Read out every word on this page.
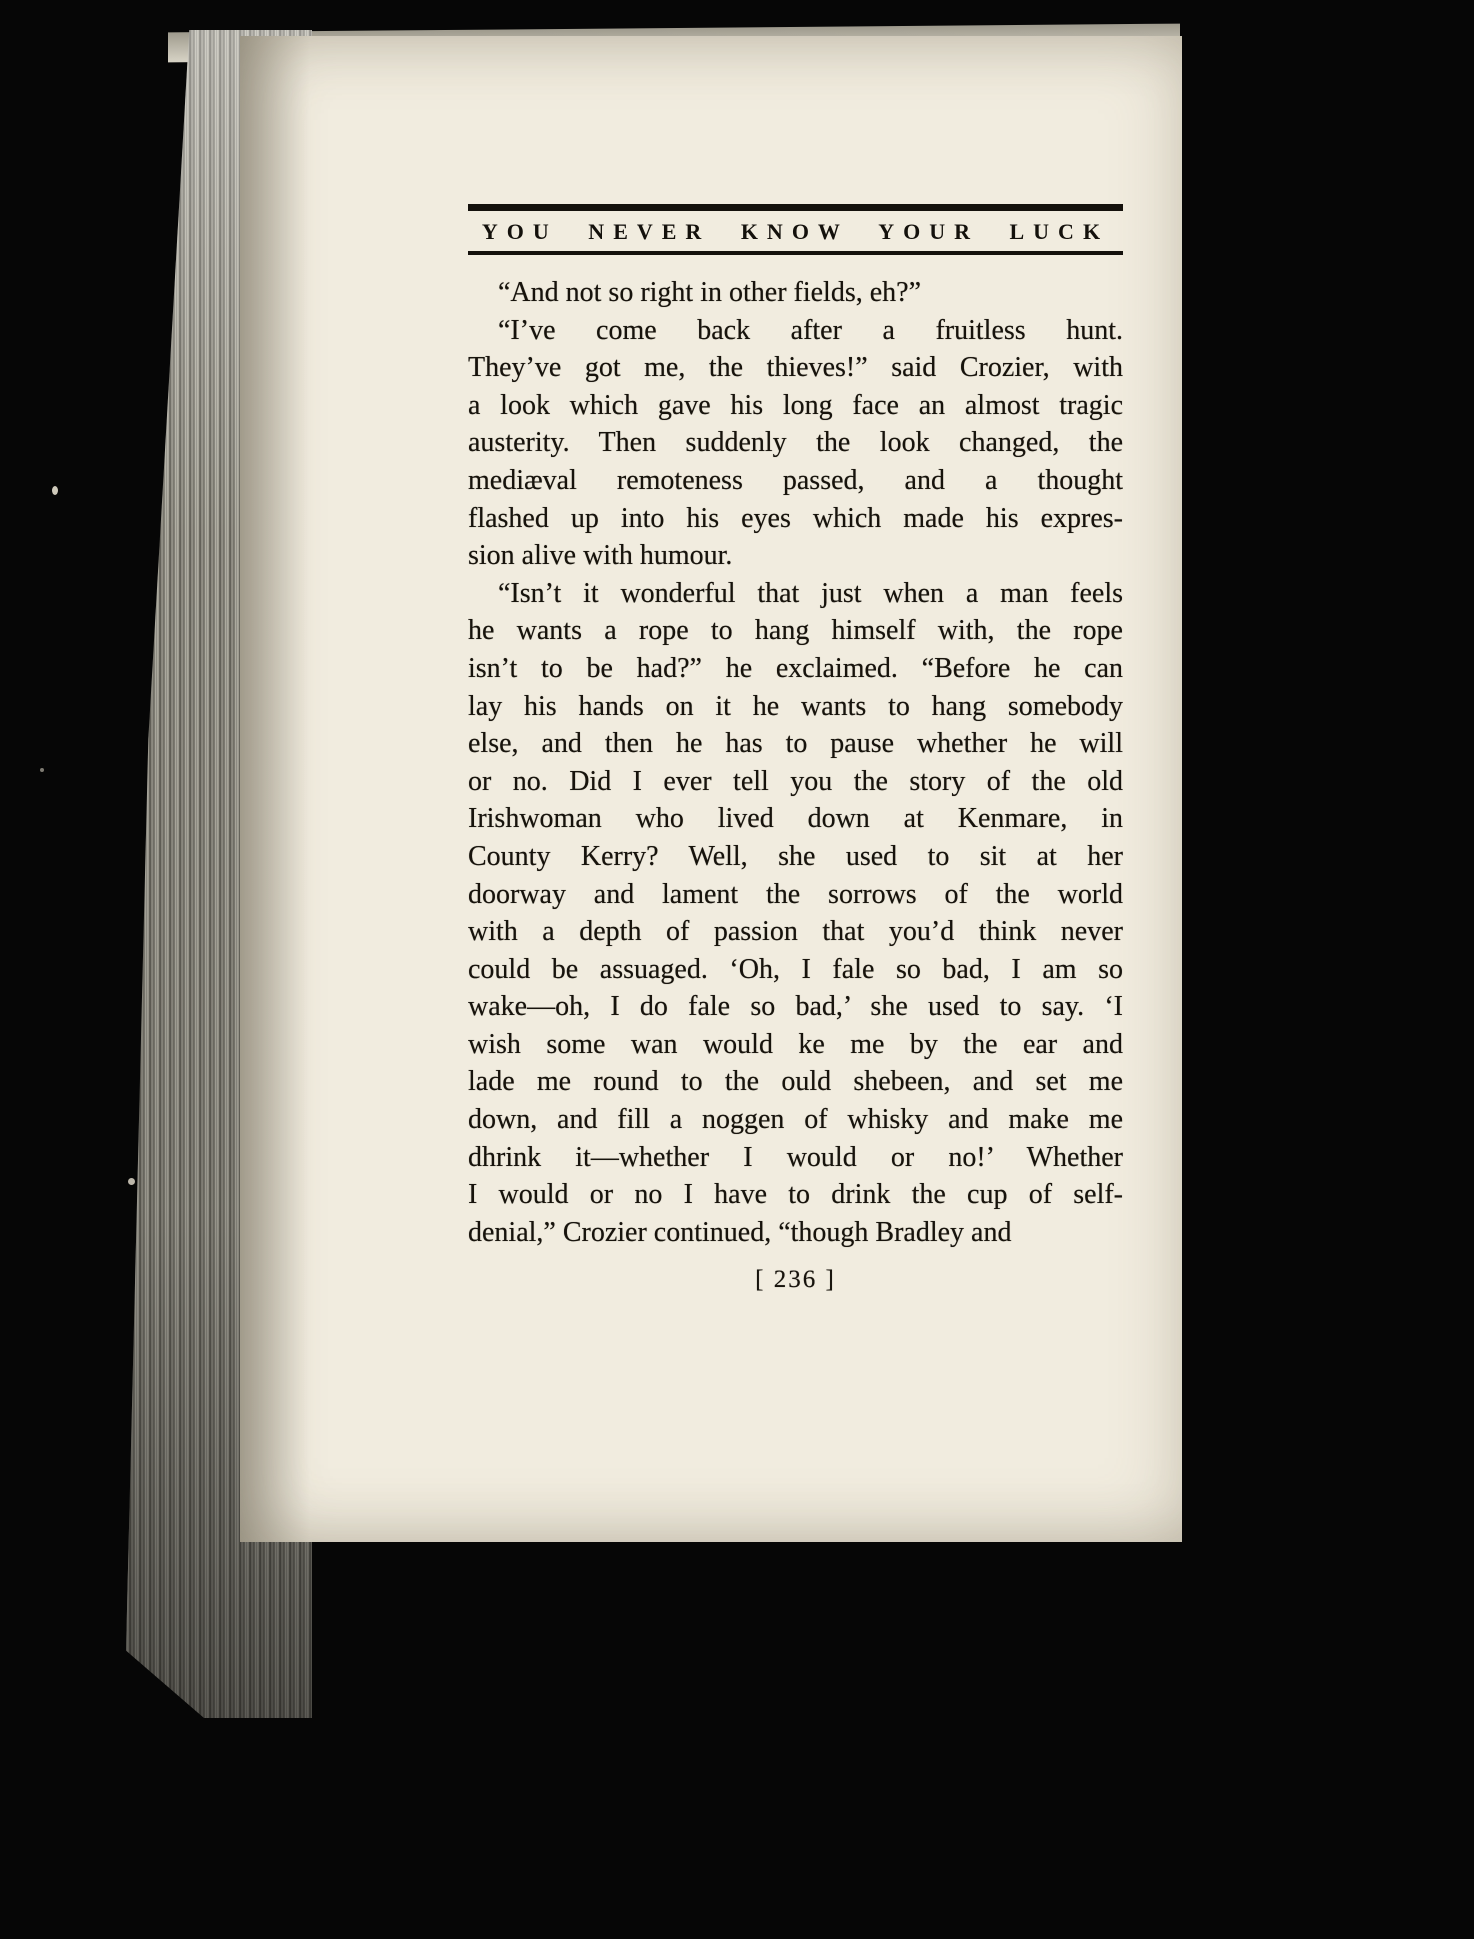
YOU NEVER KNOW YOUR LUCK
“And not so right in other fields, eh?”
“I’ve come back after a fruitless hunt.
They’ve got me, the thieves!” said Crozier, with
a look which gave his long face an almost tragic
austerity. Then suddenly the look changed, the
mediæval remoteness passed, and a thought
flashed up into his eyes which made his expres-
sion alive with humour.
“Isn’t it wonderful that just when a man feels
he wants a rope to hang himself with, the rope
isn’t to be had?” he exclaimed. “Before he can
lay his hands on it he wants to hang somebody
else, and then he has to pause whether he will
or no. Did I ever tell you the story of the old
Irishwoman who lived down at Kenmare, in
County Kerry? Well, she used to sit at her
doorway and lament the sorrows of the world
with a depth of passion that you’d think never
could be assuaged. ‘Oh, I fale so bad, I am so
wake—oh, I do fale so bad,’ she used to say. ‘I
wish some wan would ke me by the ear and
lade me round to the ould shebeen, and set me
down, and fill a noggen of whisky and make me
dhrink it—whether I would or no!’ Whether
I would or no I have to drink the cup of self-
denial,” Crozier continued, “though Bradley and
[ 236 ]
